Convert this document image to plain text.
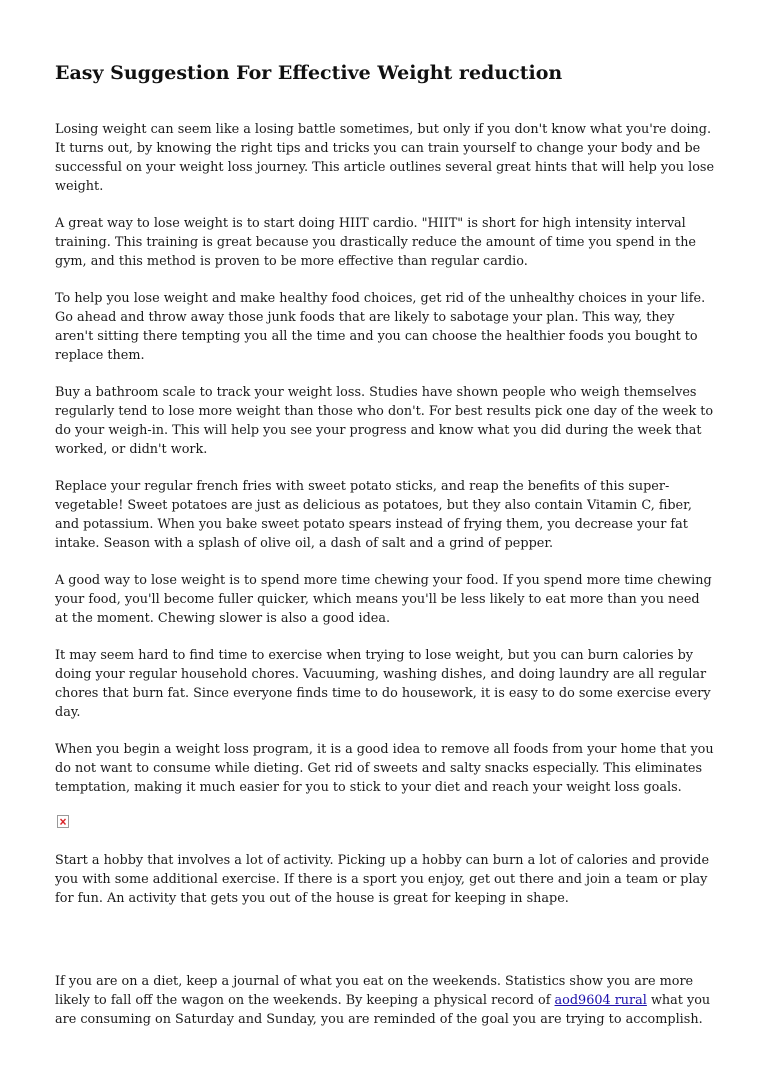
Easy Suggestion For Effective Weight reduction

Losing weight can seem like a losing battle sometimes, but only if you don't know what you're doing. It turns out, by knowing the right tips and tricks you can train yourself to change your body and be successful on your weight loss journey. This article outlines several great hints that will help you lose weight.

A great way to lose weight is to start doing HIIT cardio. "HIIT" is short for high intensity interval training. This training is great because you drastically reduce the amount of time you spend in the gym, and this method is proven to be more effective than regular cardio.

To help you lose weight and make healthy food choices, get rid of the unhealthy choices in your life. Go ahead and throw away those junk foods that are likely to sabotage your plan. This way, they aren't sitting there tempting you all the time and you can choose the healthier foods you bought to replace them.

Buy a bathroom scale to track your weight loss. Studies have shown people who weigh themselves regularly tend to lose more weight than those who don't. For best results pick one day of the week to do your weigh-in. This will help you see your progress and know what you did during the week that worked, or didn't work.

Replace your regular french fries with sweet potato sticks, and reap the benefits of this super-vegetable! Sweet potatoes are just as delicious as potatoes, but they also contain Vitamin C, fiber, and potassium. When you bake sweet potato spears instead of frying them, you decrease your fat intake. Season with a splash of olive oil, a dash of salt and a grind of pepper.

A good way to lose weight is to spend more time chewing your food. If you spend more time chewing your food, you'll become fuller quicker, which means you'll be less likely to eat more than you need at the moment. Chewing slower is also a good idea.

It may seem hard to find time to exercise when trying to lose weight, but you can burn calories by doing your regular household chores. Vacuuming, washing dishes, and doing laundry are all regular chores that burn fat. Since everyone finds time to do housework, it is easy to do some exercise every day.

When you begin a weight loss program, it is a good idea to remove all foods from your home that you do not want to consume while dieting. Get rid of sweets and salty snacks especially. This eliminates temptation, making it much easier for you to stick to your diet and reach your weight loss goals.

Start a hobby that involves a lot of activity. Picking up a hobby can burn a lot of calories and provide you with some additional exercise. If there is a sport you enjoy, get out there and join a team or play for fun. An activity that gets you out of the house is great for keeping in shape.

If you are on a diet, keep a journal of what you eat on the weekends. Statistics show you are more likely to fall off the wagon on the weekends. By keeping a physical record of aod9604 rural what you are consuming on Saturday and Sunday, you are reminded of the goal you are trying to accomplish.
